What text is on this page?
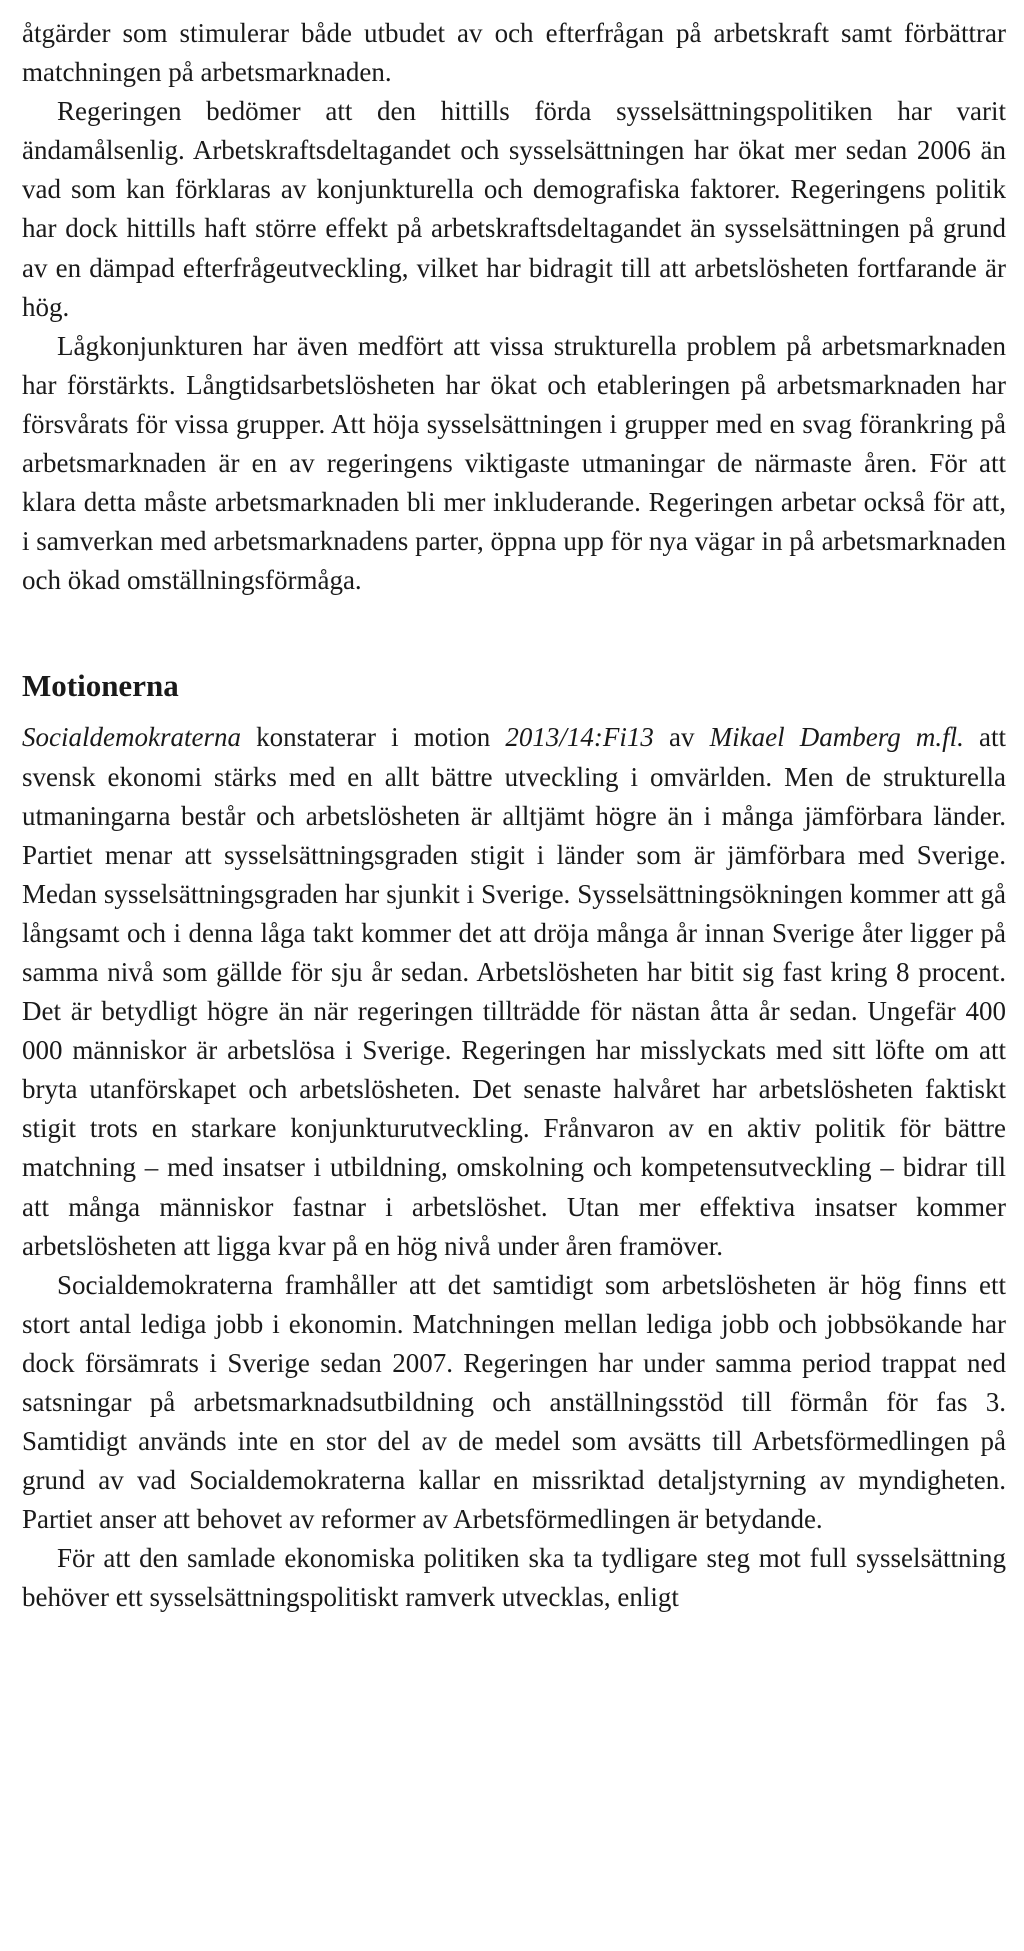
åtgärder som stimulerar både utbudet av och efterfrågan på arbetskraft samt förbättrar matchningen på arbetsmarknaden.

Regeringen bedömer att den hittills förda sysselsättningspolitiken har varit ändamålsenlig. Arbetskraftsdeltagandet och sysselsättningen har ökat mer sedan 2006 än vad som kan förklaras av konjunkturella och demografiska faktorer. Regeringens politik har dock hittills haft större effekt på arbetskraftsdeltagandet än sysselsättningen på grund av en dämpad efterfrågeutveckling, vilket har bidragit till att arbetslösheten fortfarande är hög.

Lågkonjunkturen har även medfört att vissa strukturella problem på arbetsmarknaden har förstärkts. Långtidsarbetslösheten har ökat och etableringen på arbetsmarknaden har försvårats för vissa grupper. Att höja sysselsättningen i grupper med en svag förankring på arbetsmarknaden är en av regeringens viktigaste utmaningar de närmaste åren. För att klara detta måste arbetsmarknaden bli mer inkluderande. Regeringen arbetar också för att, i samverkan med arbetsmarknadens parter, öppna upp för nya vägar in på arbetsmarknaden och ökad omställningsförmåga.

Motionerna

Socialdemokraterna konstaterar i motion 2013/14:Fi13 av Mikael Damberg m.fl. att svensk ekonomi stärks med en allt bättre utveckling i omvärlden. Men de strukturella utmaningarna består och arbetslösheten är alltjämt högre än i många jämförbara länder. Partiet menar att sysselsättningsgraden stigit i länder som är jämförbara med Sverige. Medan sysselsättningsgraden har sjunkit i Sverige. Sysselsättningsökningen kommer att gå långsamt och i denna låga takt kommer det att dröja många år innan Sverige åter ligger på samma nivå som gällde för sju år sedan. Arbetslösheten har bitit sig fast kring 8 procent. Det är betydligt högre än när regeringen tillträdde för nästan åtta år sedan. Ungefär 400 000 människor är arbetslösa i Sverige. Regeringen har misslyckats med sitt löfte om att bryta utanförskapet och arbetslösheten. Det senaste halvåret har arbetslösheten faktiskt stigit trots en starkare konjunkturutveckling. Frånvaron av en aktiv politik för bättre matchning – med insatser i utbildning, omskolning och kompetensutveckling – bidrar till att många människor fastnar i arbetslöshet. Utan mer effektiva insatser kommer arbetslösheten att ligga kvar på en hög nivå under åren framöver.

Socialdemokraterna framhåller att det samtidigt som arbetslösheten är hög finns ett stort antal lediga jobb i ekonomin. Matchningen mellan lediga jobb och jobbsökande har dock försämrats i Sverige sedan 2007. Regeringen har under samma period trappat ned satsningar på arbetsmarknadsutbildning och anställningsstöd till förmån för fas 3. Samtidigt används inte en stor del av de medel som avsätts till Arbetsförmedlingen på grund av vad Socialdemokraterna kallar en missriktad detaljstyrning av myndigheten. Partiet anser att behovet av reformer av Arbetsförmedlingen är betydande.

För att den samlade ekonomiska politiken ska ta tydligare steg mot full sysselsättning behöver ett sysselsättningspolitiskt ramverk utvecklas, enligt
